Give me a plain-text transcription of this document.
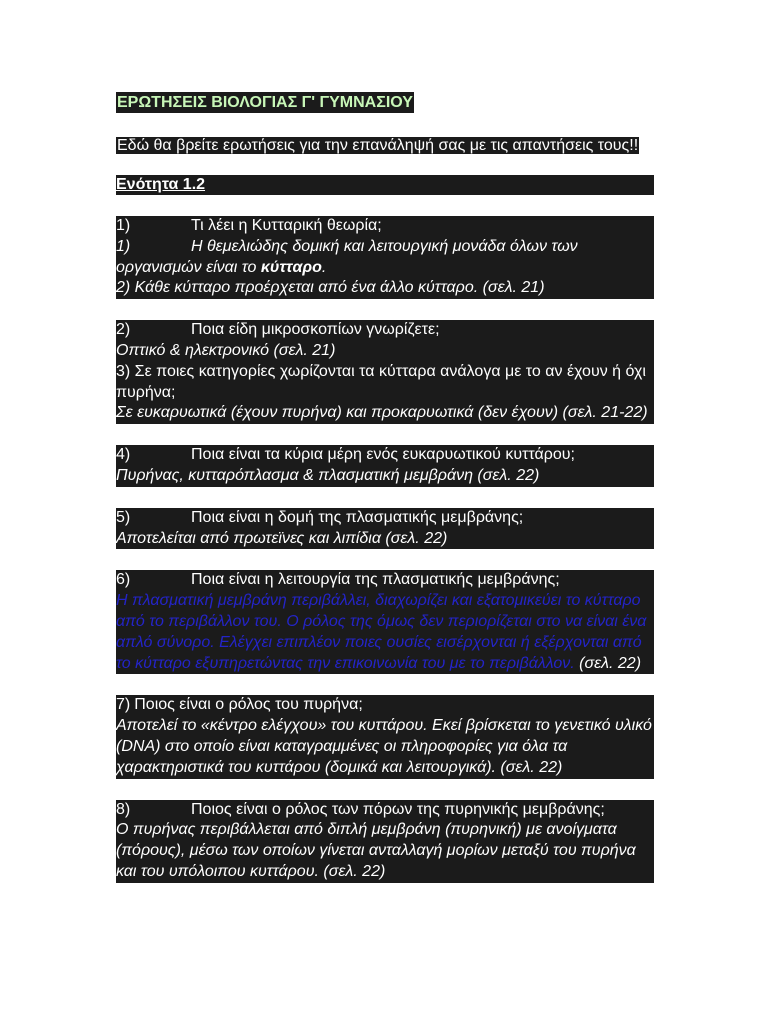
ΕΡΩΤΗΣΕΙΣ ΒΙΟΛΟΓΙΑΣ Γ' ΓΥΜΝΑΣΙΟΥ
Εδώ θα βρείτε ερωτήσεις για την επανάληψή σας με τις απαντήσεις τους!!
Ενότητα 1.2
1)	Τι λέει η Κυτταρική θεωρία;
1)	Η θεμελιώδης δομική και λειτουργική μονάδα όλων των οργανισμών είναι το κύτταρο.
2) Κάθε κύτταρο προέρχεται από ένα άλλο κύτταρο. (σελ. 21)
2)	Ποια είδη μικροσκοπίων γνωρίζετε;
Οπτικό & ηλεκτρονικό (σελ. 21)
3) Σε ποιες κατηγορίες χωρίζονται τα κύτταρα ανάλογα με το αν έχουν ή όχι πυρήνα;
Σε ευκαρυωτικά (έχουν πυρήνα) και προκαρυωτικά (δεν έχουν) (σελ. 21-22)
4)	Ποια είναι τα κύρια μέρη ενός ευκαρυωτικού κυττάρου;
Πυρήνας, κυτταρόπλασμα & πλασματική μεμβράνη (σελ. 22)
5)	Ποια είναι η δομή της πλασματικής μεμβράνης;
Αποτελείται από πρωτεϊνες και λιπίδια (σελ. 22)
6)	Ποια είναι η λειτουργία της πλασματικής μεμβράνης;
Η πλασματική μεμβράνη περιβάλλει, διαχωρίζει και εξατομικεύει το κύτταρο από το περιβάλλον του. Ο ρόλος της όμως δεν περιορίζεται στο να είναι ένα απλό σύνορο. Ελέγχει επιπλέον ποιες ουσίες εισέρχονται ή εξέρχονται από το κύτταρο εξυπηρετώντας την επικοινωνία του με το περιβάλλον. (σελ. 22)
7) Ποιος είναι ο ρόλος του πυρήνα;
Αποτελεί το «κέντρο ελέγχου» του κυττάρου. Εκεί βρίσκεται το γενετικό υλικό (DNA) στο οποίο είναι καταγραμμένες οι πληροφορίες για όλα τα χαρακτηριστικά του κυττάρου (δομικά και λειτουργικά). (σελ. 22)
8)	Ποιος είναι ο ρόλος των πόρων της πυρηνικής μεμβράνης;
Ο πυρήνας περιβάλλεται από διπλή μεμβράνη (πυρηνική) με ανοίγματα (πόρους), μέσω των οποίων γίνεται ανταλλαγή μορίων μεταξύ του πυρήνα και του υπόλοιπου κυττάρου. (σελ. 22)
